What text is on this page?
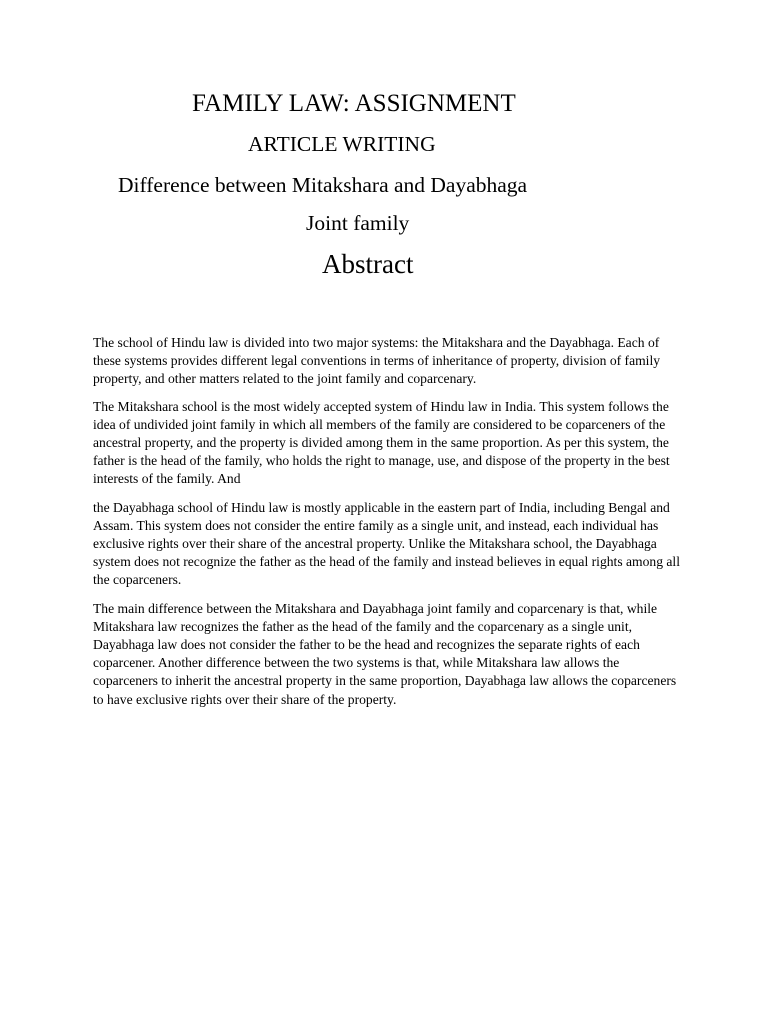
FAMILY LAW: ASSIGNMENT
ARTICLE WRITING
Difference between Mitakshara and Dayabhaga
Joint family
Abstract

The school of Hindu law is divided into two major systems: the Mitakshara and the Dayabhaga. Each of these systems provides different legal conventions in terms of inheritance of property, division of family property, and other matters related to the joint family and coparcenary.

The Mitakshara school is the most widely accepted system of Hindu law in India. This system follows the idea of undivided joint family in which all members of the family are considered to be coparceners of the ancestral property, and the property is divided among them in the same proportion. As per this system, the father is the head of the family, who holds the right to manage, use, and dispose of the property in the best interests of the family. And

the Dayabhaga school of Hindu law is mostly applicable in the eastern part of India, including Bengal and Assam. This system does not consider the entire family as a single unit, and instead, each individual has exclusive rights over their share of the ancestral property. Unlike the Mitakshara school, the Dayabhaga system does not recognize the father as the head of the family and instead believes in equal rights among all the coparceners.

The main difference between the Mitakshara and Dayabhaga joint family and coparcenary is that, while Mitakshara law recognizes the father as the head of the family and the coparcenary as a single unit, Dayabhaga law does not consider the father to be the head and recognizes the separate rights of each coparcener. Another difference between the two systems is that, while Mitakshara law allows the coparceners to inherit the ancestral property in the same proportion, Dayabhaga law allows the coparceners to have exclusive rights over their share of the property.
